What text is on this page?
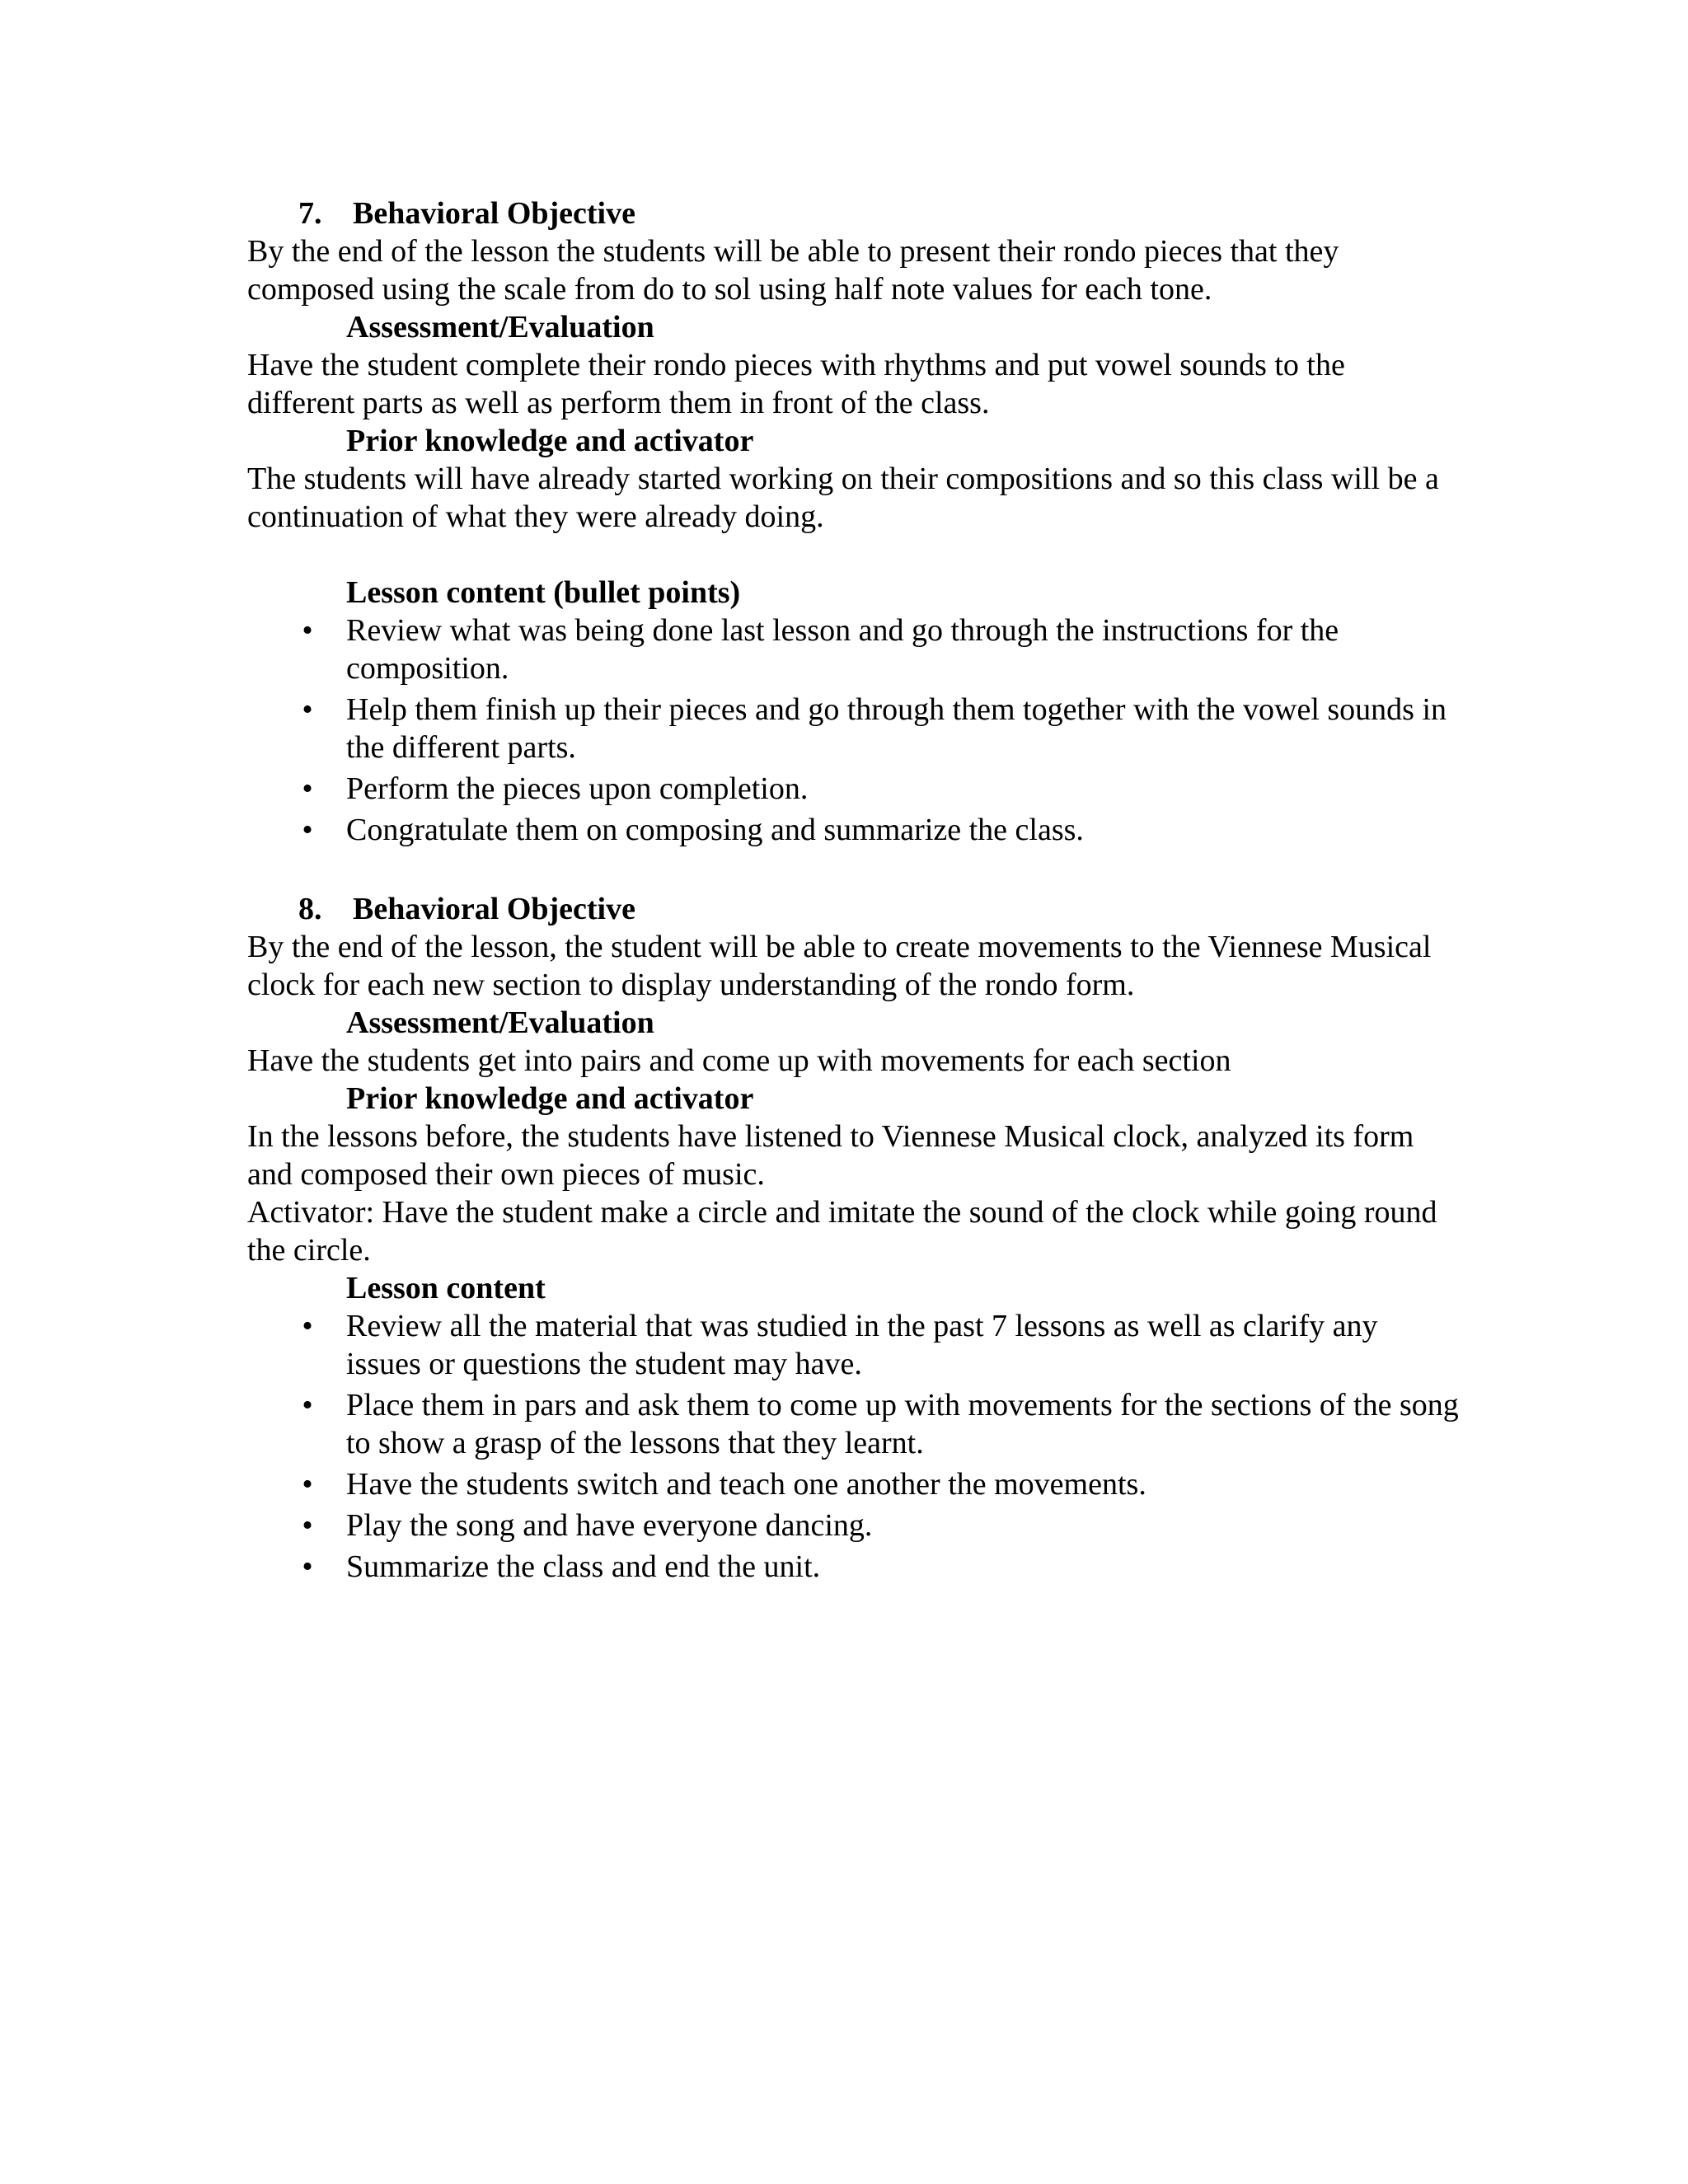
7. Behavioral Objective

By the end of the lesson the students will be able to present their rondo pieces that they composed using the scale from do to sol using half note values for each tone.

Assessment/Evaluation

Have the student complete their rondo pieces with rhythms and put vowel sounds to the different parts as well as perform them in front of the class.

Prior knowledge and activator

The students will have already started working on their compositions and so this class will be a continuation of what they were already doing.

Lesson content (bullet points)
• Review what was being done last lesson and go through the instructions for the composition.
• Help them finish up their pieces and go through them together with the vowel sounds in the different parts.
• Perform the pieces upon completion.
• Congratulate them on composing and summarize the class.
8. Behavioral Objective

By the end of the lesson, the student will be able to create movements to the Viennese Musical clock for each new section to display understanding of the rondo form.

Assessment/Evaluation

Have the students get into pairs and come up with movements for each section

Prior knowledge and activator

In the lessons before, the students have listened to Viennese Musical clock, analyzed its form and composed their own pieces of music.

Activator: Have the student make a circle and imitate the sound of the clock while going round the circle.

Lesson content
• Review all the material that was studied in the past 7 lessons as well as clarify any issues or questions the student may have.
• Place them in pars and ask them to come up with movements for the sections of the song to show a grasp of the lessons that they learnt.
• Have the students switch and teach one another the movements.
• Play the song and have everyone dancing.
• Summarize the class and end the unit.
